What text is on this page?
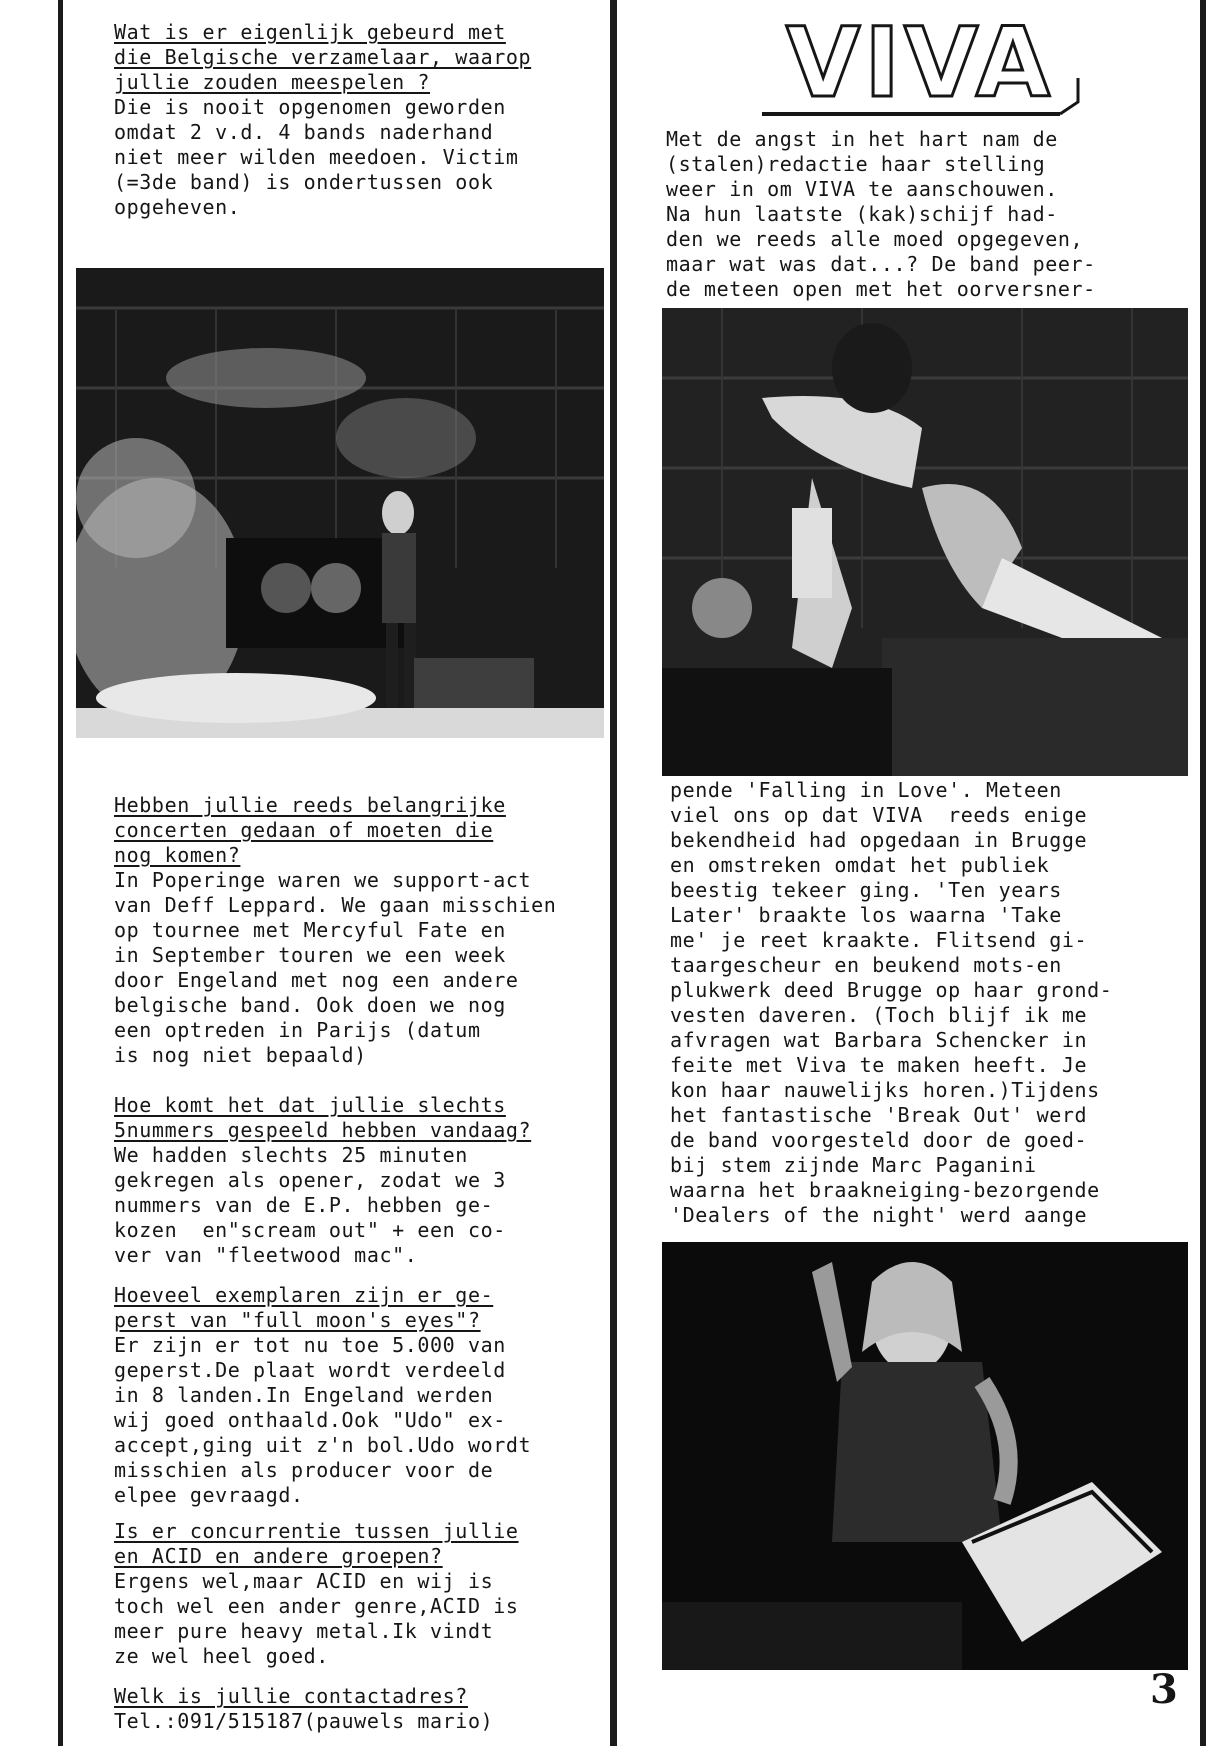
Wat is er eigenlijk gebeurd met
die Belgische verzamelaar, waarop
jullie zouden meespelen ?

Die is nooit opgenomen geworden
omdat 2 v.d. 4 bands naderhand
niet meer wilden meedoen. Victim
(=3de band) is ondertussen ook
opgeheven.

Hebben jullie reeds belangrijke
concerten gedaan of moeten die
nog komen?

In Poperinge waren we support-act
van Deff Leppard. We gaan misschien
op tournee met Mercyful Fate en
in September touren we een week
door Engeland met nog een andere
belgische band. Ook doen we nog
een optreden in Parijs (datum
is nog niet bepaald)

Hoe komt het dat jullie slechts
5nummers gespeeld hebben vandaag?

We hadden slechts 25 minuten
gekregen als opener, zodat we 3
nummers van de E.P. hebben ge-
kozen  en"scream out" + een co-
ver van "fleetwood mac".

Hoeveel exemplaren zijn er ge-
perst van "full moon's eyes"?

Er zijn er tot nu toe 5.000 van
geperst.De plaat wordt verdeeld
in 8 landen.In Engeland werden
wij goed onthaald.Ook "Udo" ex-
accept,ging uit z'n bol.Udo wordt
misschien als producer voor de
elpee gevraagd.

Is er concurrentie tussen jullie
en ACID en andere groepen?

Ergens wel,maar ACID en wij is
toch wel een ander genre,ACID is
meer pure heavy metal.Ik vindt
ze wel heel goed.

Welk is jullie contactadres?

Tel.:091/515187(pauwels mario)

VIVA

Met de angst in het hart nam de
(stalen)redactie haar stelling
weer in om VIVA te aanschouwen.
Na hun laatste (kak)schijf had-
den we reeds alle moed opgegeven,
maar wat was dat...? De band peer-
de meteen open met het oorversner-

pende 'Falling in Love'. Meteen
viel ons op dat VIVA  reeds enige
bekendheid had opgedaan in Brugge
en omstreken omdat het publiek
beestig tekeer ging. 'Ten years
Later' braakte los waarna 'Take
me' je reet kraakte. Flitsend gi-
taargescheur en beukend mots-en
plukwerk deed Brugge op haar grond-
vesten daveren. (Toch blijf ik me
afvragen wat Barbara Schencker in
feite met Viva te maken heeft. Je
kon haar nauwelijks horen.)Tijdens
het fantastische 'Break Out' werd
de band voorgesteld door de goed-
bij stem zijnde Marc Paganini
waarna het braakneiging-bezorgende
'Dealers of the night' werd aange

3
